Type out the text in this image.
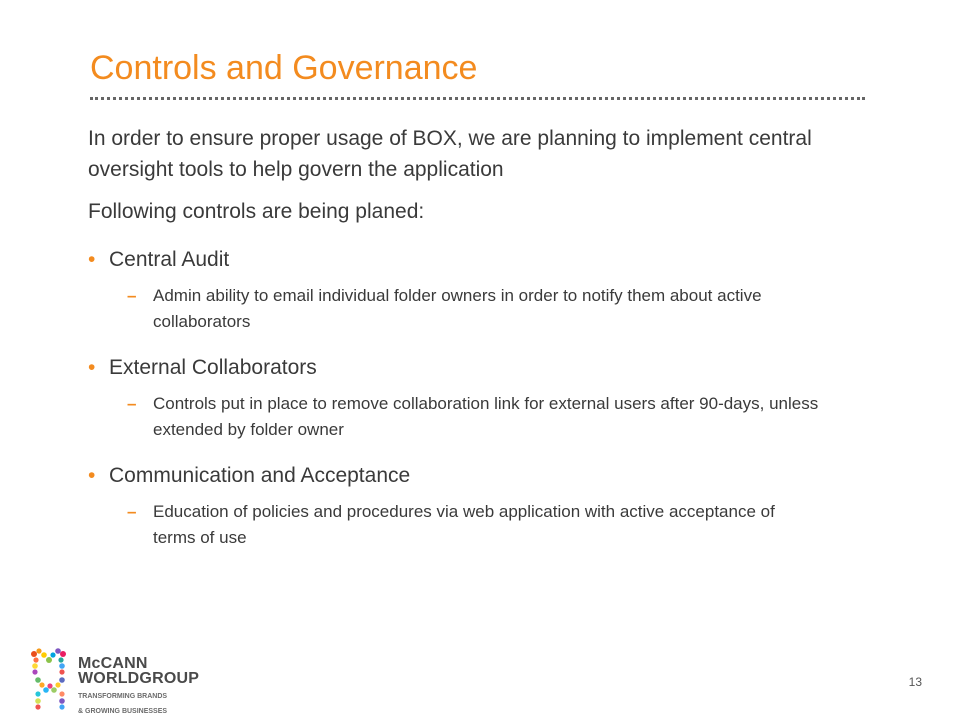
Controls and Governance

In order to ensure proper usage of BOX, we are planning to implement central oversight tools to help govern the application

Following controls are being planed:

• Central Audit
– Admin ability to email individual folder owners in order to notify them about active collaborators
• External Collaborators
– Controls put in place to remove collaboration link for external users after 90-days, unless extended by folder owner
• Communication and Acceptance
– Education of policies and procedures via web application with active acceptance of terms of use
McCANN
WORLDGROUP
TRANSFORMING BRANDS
& GROWING BUSINESSES
13
